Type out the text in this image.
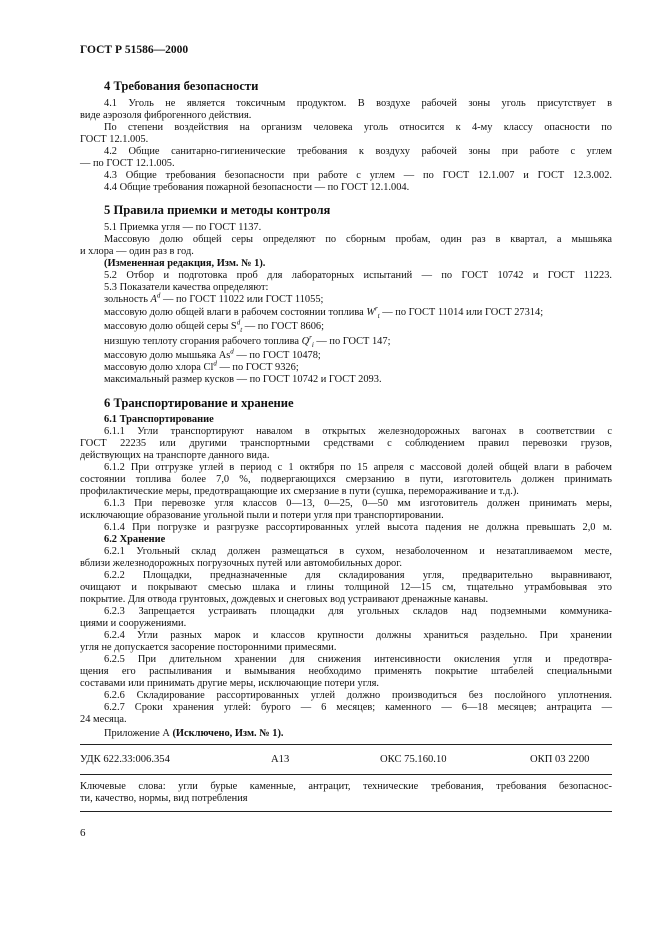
ГОСТ Р 51586—2000
4 Требования безопасности
4.1 Уголь не является токсичным продуктом. В воздухе рабочей зоны уголь присутствует в
виде аэрозоля фиброгенного действия.
По степени воздействия на организм человека уголь относится к 4-му классу опасности по
ГОСТ 12.1.005.
4.2 Общие санитарно-гигиенические требования к воздуху рабочей зоны при работе с углем
— по ГОСТ 12.1.005.
4.3 Общие требования безопасности при работе с углем — по ГОСТ 12.1.007 и ГОСТ 12.3.002.
4.4 Общие требования пожарной безопасности — по ГОСТ 12.1.004.
5 Правила приемки и методы контроля
5.1 Приемка угля — по ГОСТ 1137.
Массовую долю общей серы определяют по сборным пробам, один раз в квартал, а мышьяка
и хлора — один раз в год.
(Измененная редакция, Изм. № 1).
5.2 Отбор и подготовка проб для лабораторных испытаний — по ГОСТ 10742 и ГОСТ 11223.
5.3 Показатели качества определяют:
зольность $A^d$ — по ГОСТ 11022 или ГОСТ 11055;
массовую долю общей влаги в рабочем состоянии топлива $W^r_t$ — по ГОСТ 11014 или ГОСТ 27314;
массовую долю общей серы $S^d_t$ — по ГОСТ 8606;
низшую теплоту сгорания рабочего топлива $Q^r_i$ — по ГОСТ 147;
массовую долю мышьяка As$^d$ — по ГОСТ 10478;
массовую долю хлора Cl$^d$ — по ГОСТ 9326;
максимальный размер кусков — по ГОСТ 10742 и ГОСТ 2093.
6 Транспортирование и хранение
6.1 Транспортирование
6.1.1 Угли транспортируют навалом в открытых железнодорожных вагонах в соответствии с
ГОСТ 22235 или другими транспортными средствами с соблюдением правил перевозки грузов,
действующих на транспорте данного вида.
6.1.2 При отгрузке углей в период с 1 октября по 15 апреля с массовой долей общей влаги в рабочем
состоянии топлива более 7,0 %, подвергающихся смерзанию в пути, изготовитель должен принимать
профилактические меры, предотвращающие их смерзание в пути (сушка, перемораживание и т.д.).
6.1.3 При перевозке угля классов 0—13, 0—25, 0—50 мм изготовитель должен принимать меры,
исключающие образование угольной пыли и потери угля при транспортировании.
6.1.4 При погрузке и разгрузке рассортированных углей высота падения не должна превышать 2,0 м.
6.2 Хранение
6.2.1 Угольный склад должен размещаться в сухом, незаболоченном и незатапливаемом месте,
вблизи железнодорожных погрузочных путей или автомобильных дорог.
6.2.2 Площадки, предназначенные для складирования угля, предварительно выравнивают,
очищают и покрывают смесью шлака и глины толщиной 12—15 см, тщательно утрамбовывая это
покрытие. Для отвода грунтовых, дождевых и снеговых вод устраивают дренажные канавы.
6.2.3 Запрещается устраивать площадки для угольных складов над подземными коммуника-
циями и сооружениями.
6.2.4 Угли разных марок и классов крупности должны храниться раздельно. При хранении
угля не допускается засорение посторонними примесями.
6.2.5 При длительном хранении для снижения интенсивности окисления угля и предотвра-
щения его распыливания и вымывания необходимо применять покрытие штабелей специальными
составами или принимать другие меры, исключающие потери угля.
6.2.6 Складирование рассортированных углей должно производиться без послойного уплотнения.
6.2.7 Сроки хранения углей: бурого — 6 месяцев; каменного — 6—18 месяцев; антрацита —
24 месяца.
Приложение А (Исключено, Изм. № 1).
УДК 622.33:006.354	А13	ОКС 75.160.10	ОКП 03 2200
Ключевые слова: угли бурые каменные, антрацит, технические требования, требования безопаснос-
ти, качество, нормы, вид потребления
6
